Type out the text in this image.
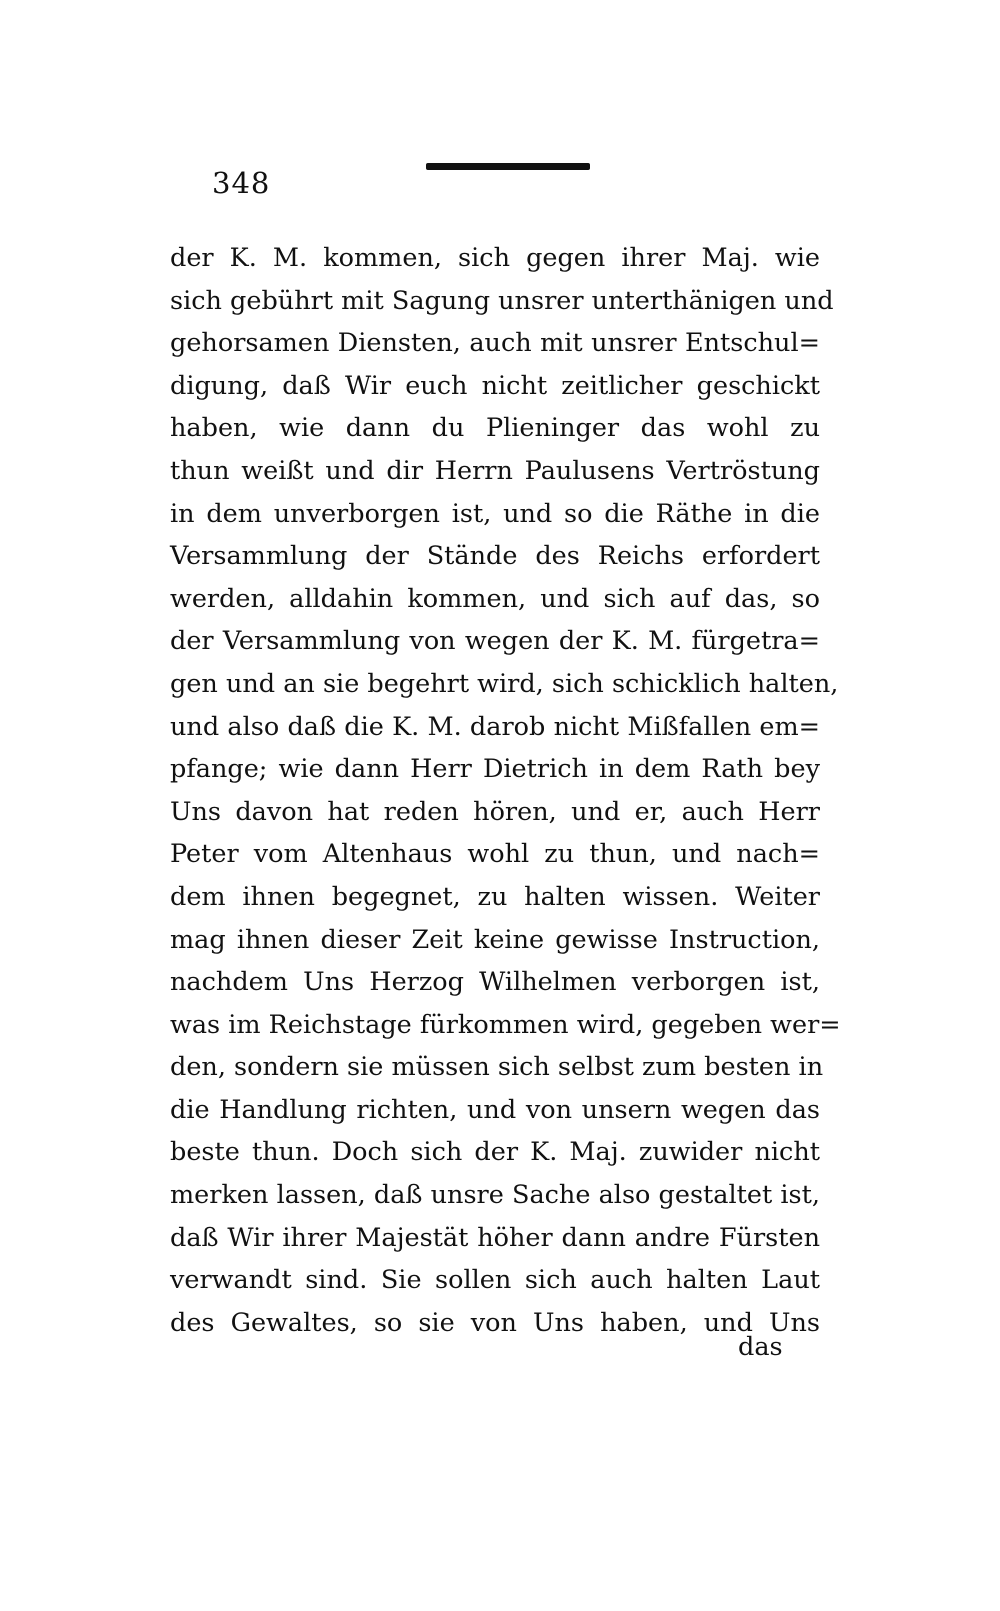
348
der K. M. kommen, sich gegen ihrer Maj. wie
sich gebührt mit Sagung unsrer unterthänigen und
gehorsamen Diensten, auch mit unsrer Entschul=
digung, daß Wir euch nicht zeitlicher geschickt
haben, wie dann du Plieninger das wohl zu
thun weißt und dir Herrn Paulusens Vertröstung
in dem unverborgen ist, und so die Räthe in die
Versammlung der Stände des Reichs erfordert
werden, alldahin kommen, und sich auf das, so
der Versammlung von wegen der K. M. fürgetra=
gen und an sie begehrt wird, sich schicklich halten,
und also daß die K. M. darob nicht Mißfallen em=
pfange; wie dann Herr Dietrich in dem Rath bey
Uns davon hat reden hören, und er, auch Herr
Peter vom Altenhaus wohl zu thun, und nach=
dem ihnen begegnet, zu halten wissen. Weiter
mag ihnen dieser Zeit keine gewisse Instruction,
nachdem Uns Herzog Wilhelmen verborgen ist,
was im Reichstage fürkommen wird, gegeben wer=
den, sondern sie müssen sich selbst zum besten in
die Handlung richten, und von unsern wegen das
beste thun. Doch sich der K. Maj. zuwider nicht
merken lassen, daß unsre Sache also gestaltet ist,
daß Wir ihrer Majestät höher dann andre Fürsten
verwandt sind. Sie sollen sich auch halten Laut
des Gewaltes, so sie von Uns haben, und Uns
das
